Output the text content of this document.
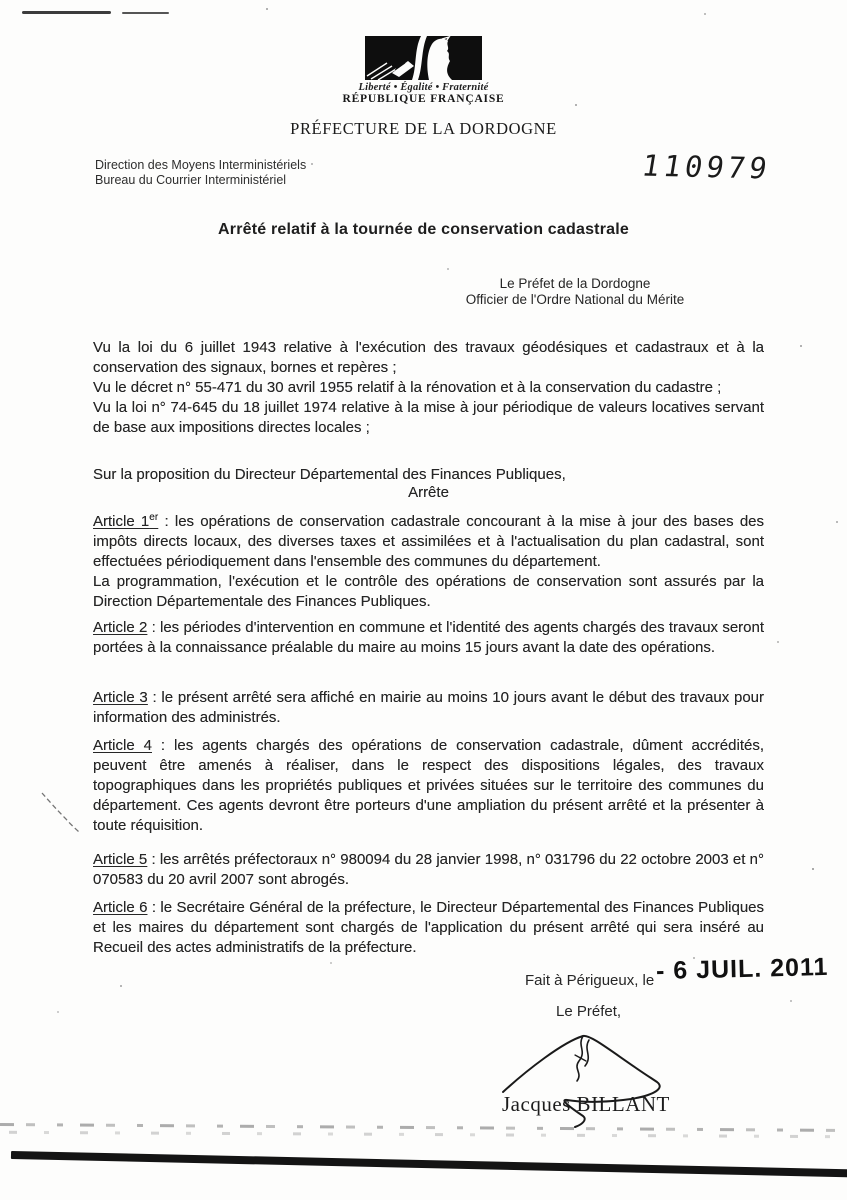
Liberté • Égalité • Fraternité
RÉPUBLIQUE FRANÇAISE
PRÉFECTURE DE LA DORDOGNE
Direction des Moyens Interministériels
Bureau du Courrier Interministériel	110979
Arrêté relatif à la tournée de conservation cadastrale
Le Préfet de la Dordogne
Officier de l'Ordre National du Mérite

Vu la loi du 6 juillet 1943 relative à l'exécution des travaux géodésiques et cadastraux et à la conservation des signaux, bornes et repères ;

Vu le décret n° 55-471 du 30 avril 1955 relatif à la rénovation et à la conservation du cadastre ;

Vu la loi n° 74-645 du 18 juillet 1974 relative à la mise à jour périodique de valeurs locatives servant de base aux impositions directes locales ;

Sur la proposition du Directeur Départemental des Finances Publiques,

Arrête

Article 1er : les opérations de conservation cadastrale concourant à la mise à jour des bases des impôts directs locaux, des diverses taxes et assimilées et à l'actualisation du plan cadastral, sont effectuées périodiquement dans l'ensemble des communes du département.

La programmation, l'exécution et le contrôle des opérations de conservation sont assurés par la Direction Départementale des Finances Publiques.

Article 2 : les périodes d'intervention en commune et l'identité des agents chargés des travaux seront portées à la connaissance préalable du maire au moins 15 jours avant la date des opérations.

Article 3 : le présent arrêté sera affiché en mairie au moins 10 jours avant le début des travaux pour information des administrés.

Article 4 : les agents chargés des opérations de conservation cadastrale, dûment accrédités, peuvent être amenés à réaliser, dans le respect des dispositions légales, des travaux topographiques dans les propriétés publiques et privées situées sur le territoire des communes du département. Ces agents devront être porteurs d'une ampliation du présent arrêté et la présenter à toute réquisition.

Article 5 : les arrêtés préfectoraux n° 980094 du 28 janvier 1998, n° 031796 du 22 octobre 2003 et n° 070583 du 20 avril 2007 sont abrogés.

Article 6 : le Secrétaire Général de la préfecture, le Directeur Départemental des Finances Publiques et les maires du département sont chargés de l'application du présent arrêté qui sera inséré au Recueil des actes administratifs de la préfecture.

Fait à Périgueux, le - 6 JUIL. 2011
Le Préfet,
Jacques BILLANT
